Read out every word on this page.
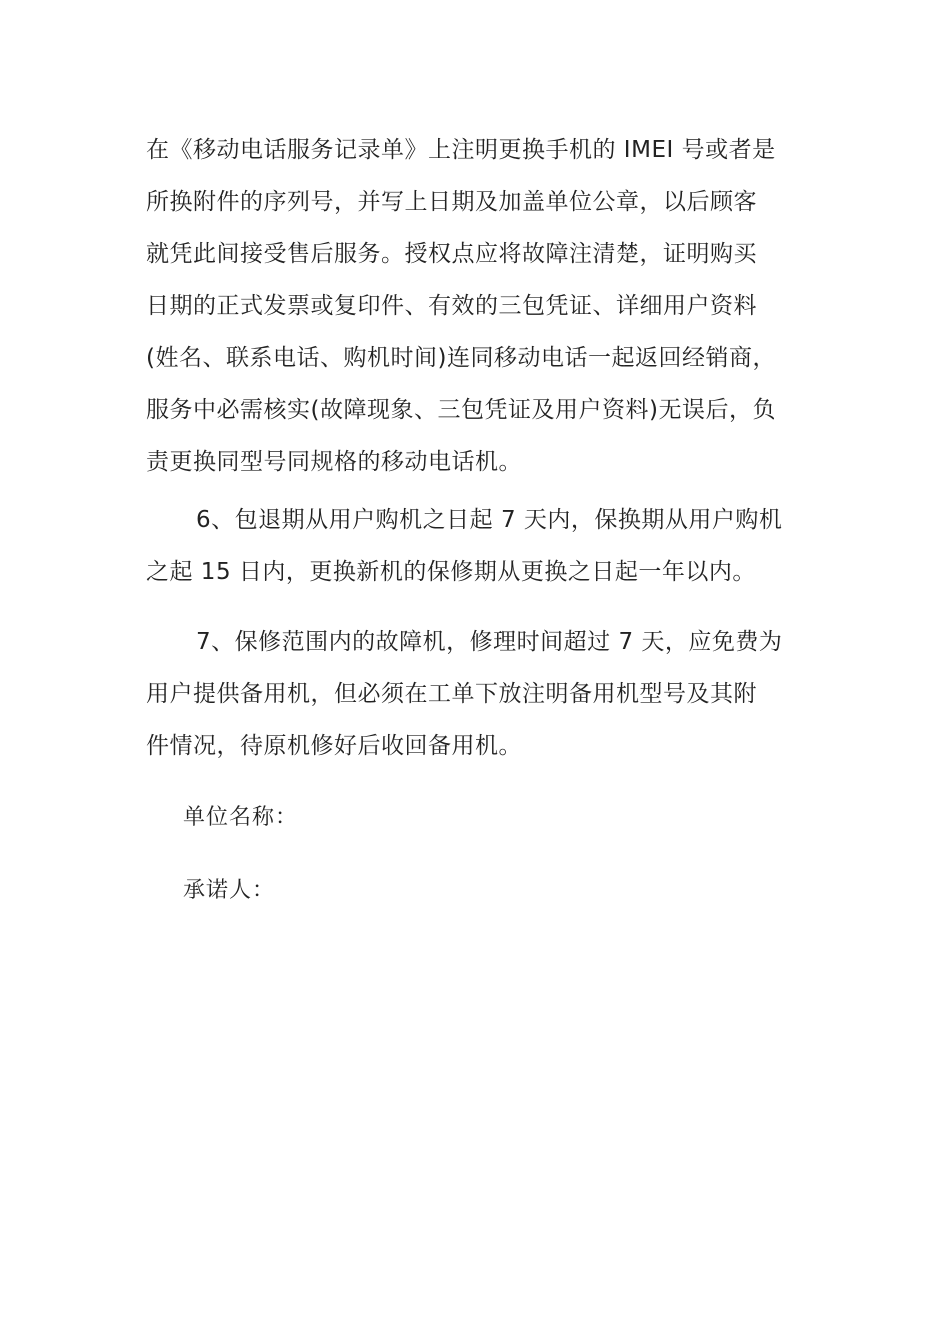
在《移动电话服务记录单》上注明更换手机的 IMEI 号或者是
所换附件的序列号，并写上日期及加盖单位公章，以后顾客
就凭此间接受售后服务。授权点应将故障注清楚，证明购买
日期的正式发票或复印件、有效的三包凭证、详细用户资料
(姓名、联系电话、购机时间)连同移动电话一起返回经销商，
服务中必需核实(故障现象、三包凭证及用户资料)无误后，负
责更换同型号同规格的移动电话机。

6、包退期从用户购机之日起 7 天内，保换期从用户购机
之起 15 日内，更换新机的保修期从更换之日起一年以内。

7、保修范围内的故障机，修理时间超过 7 天，应免费为
用户提供备用机，但必须在工单下放注明备用机型号及其附
件情况，待原机修好后收回备用机。

单位名称：

承诺人：
